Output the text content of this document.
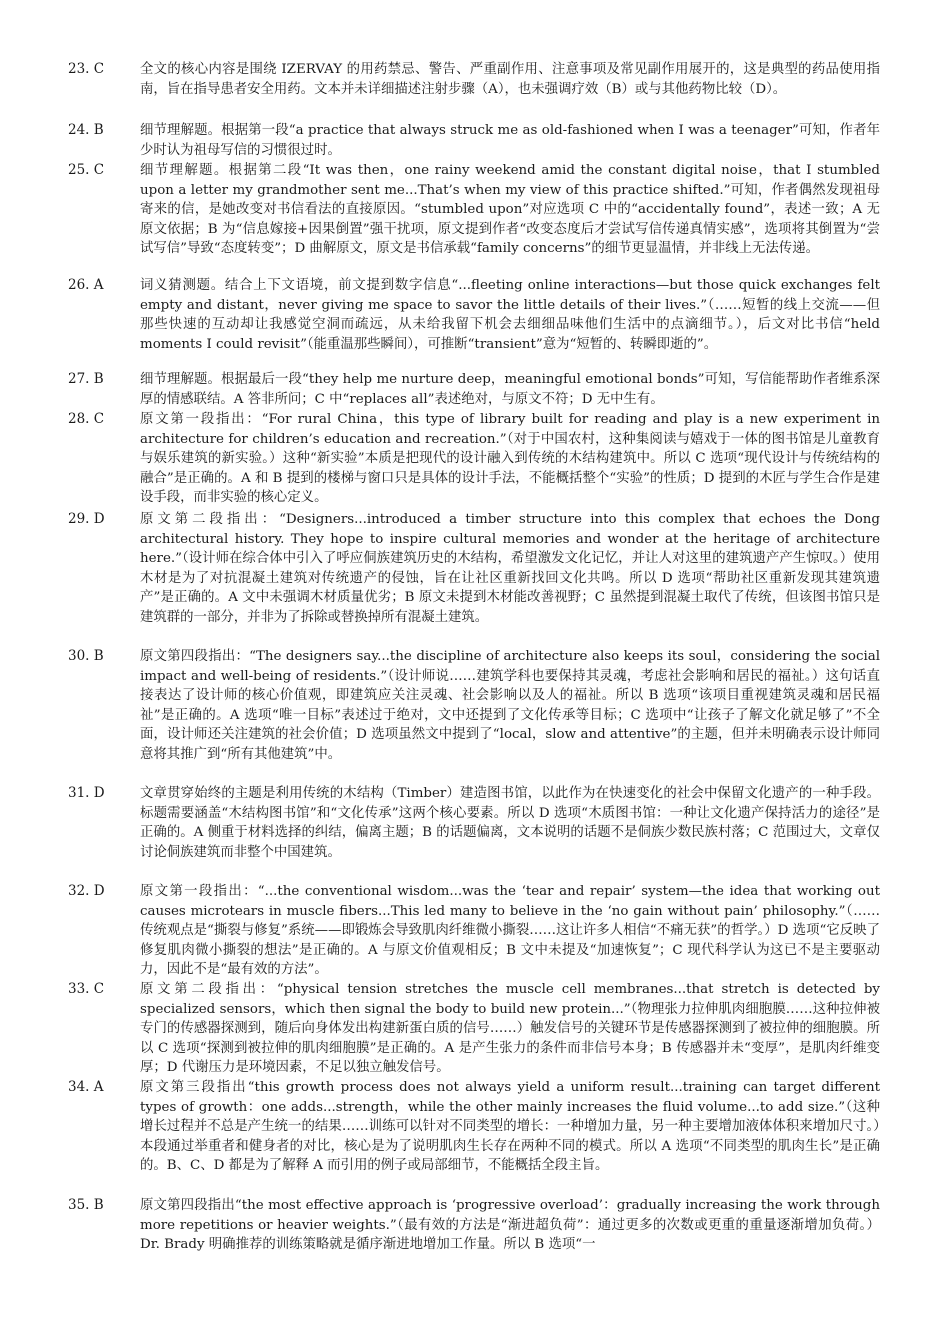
23. C	全文的核心内容是围绕 IZERVAY 的用药禁忌、警告、严重副作用、注意事项及常见副作用展开的，这是典型的药品使用指南，旨在指导患者安全用药。文本并未详细描述注射步骤（A），也未强调疗效（B）或与其他药物比较（D）。

24. B	细节理解题。根据第一段“a practice that always struck me as old-fashioned when I was a teenager”可知，作者年少时认为祖母写信的习惯很过时。

25. C	细节理解题。根据第二段“It was then，one rainy weekend amid the constant digital noise，that I stumbled upon a letter my grandmother sent me...That’s when my view of this practice shifted.”可知，作者偶然发现祖母寄来的信，是她改变对书信看法的直接原因。“stumbled upon”对应选项 C 中的“accidentally found”，表述一致；A 无原文依据；B 为“信息嫁接+因果倒置”强干扰项，原文提到作者“改变态度后才尝试写信传递真情实感”，选项将其倒置为“尝试写信”导致“态度转变”；D 曲解原文，原文是书信承载“family concerns”的细节更显温情，并非线上无法传递。

26. A	词义猜测题。结合上下文语境，前文提到数字信息“...fleeting online interactions—but those quick exchanges felt empty and distant，never giving me space to savor the little details of their lives.”（……短暂的线上交流——但那些快速的互动却让我感觉空洞而疏远，从未给我留下机会去细细品味他们生活中的点滴细节。），后文对比书信“held moments I could revisit”（能重温那些瞬间），可推断“transient”意为“短暂的、转瞬即逝的”。

27. B	细节理解题。根据最后一段“they help me nurture deep，meaningful emotional bonds”可知，写信能帮助作者维系深厚的情感联结。A 答非所问；C 中“replaces all”表述绝对，与原文不符；D 无中生有。

28. C	原文第一段指出：“For rural China，this type of library built for reading and play is a new experiment in architecture for children’s education and recreation.”（对于中国农村，这种集阅读与嬉戏于一体的图书馆是儿童教育与娱乐建筑的新实验。）这种“新实验”本质是把现代的设计融入到传统的木结构建筑中。所以 C 选项“现代设计与传统结构的融合”是正确的。A 和 B 提到的楼梯与窗口只是具体的设计手法，不能概括整个“实验”的性质；D 提到的木匠与学生合作是建设手段，而非实验的核心定义。

29. D	原文第二段指出：“Designers...introduced a timber structure into this complex that echoes the Dong architectural history. They hope to inspire cultural memories and wonder at the heritage of architecture here.”（设计师在综合体中引入了呼应侗族建筑历史的木结构，希望激发文化记忆，并让人对这里的建筑遗产产生惊叹。）使用木材是为了对抗混凝土建筑对传统遗产的侵蚀，旨在让社区重新找回文化共鸣。所以 D 选项“帮助社区重新发现其建筑遗产”是正确的。A 文中未强调木材质量优劣；B 原文未提到木材能改善视野；C 虽然提到混凝土取代了传统，但该图书馆只是建筑群的一部分，并非为了拆除或替换掉所有混凝土建筑。

30. B	原文第四段指出：“The designers say...the discipline of architecture also keeps its soul，considering the social impact and well-being of residents.”（设计师说……建筑学科也要保持其灵魂，考虑社会影响和居民的福祉。）这句话直接表达了设计师的核心价值观，即建筑应关注灵魂、社会影响以及人的福祉。所以 B 选项“该项目重视建筑灵魂和居民福祉”是正确的。A 选项“唯一目标”表述过于绝对，文中还提到了文化传承等目标；C 选项中“让孩子了解文化就足够了”不全面，设计师还关注建筑的社会价值；D 选项虽然文中提到了“local，slow and attentive”的主题，但并未明确表示设计师同意将其推广到“所有其他建筑”中。

31. D	文章贯穿始终的主题是利用传统的木结构（Timber）建造图书馆，以此作为在快速变化的社会中保留文化遗产的一种手段。标题需要涵盖“木结构图书馆”和“文化传承”这两个核心要素。所以 D 选项“木质图书馆：一种让文化遗产保持活力的途径”是正确的。A 侧重于材料选择的纠结，偏离主题；B 的话题偏离，文本说明的话题不是侗族少数民族村落；C 范围过大，文章仅讨论侗族建筑而非整个中国建筑。

32. D	原文第一段指出：“...the conventional wisdom...was the ‘tear and repair’ system—the idea that working out causes microtears in muscle fibers...This led many to believe in the ‘no gain without pain’ philosophy.”（……传统观点是“撕裂与修复”系统——即锻炼会导致肌肉纤维微小撕裂……这让许多人相信“不痛无获”的哲学。）D 选项“它反映了修复肌肉微小撕裂的想法”是正确的。A 与原文价值观相反；B 文中未提及“加速恢复”；C 现代科学认为这已不是主要驱动力，因此不是“最有效的方法”。

33. C	原文第二段指出：“physical tension stretches the muscle cell membranes...that stretch is detected by specialized sensors，which then signal the body to build new protein...”（物理张力拉伸肌肉细胞膜……这种拉伸被专门的传感器探测到，随后向身体发出构建新蛋白质的信号……）触发信号的关键环节是传感器探测到了被拉伸的细胞膜。所以 C 选项“探测到被拉伸的肌肉细胞膜”是正确的。A 是产生张力的条件而非信号本身；B 传感器并未“变厚”，是肌肉纤维变厚；D 代谢压力是环境因素，不足以独立触发信号。

34. A	原文第三段指出“this growth process does not always yield a uniform result...training can target different types of growth：one adds...strength，while the other mainly increases the fluid volume...to add size.”（这种增长过程并不总是产生统一的结果……训练可以针对不同类型的增长：一种增加力量，另一种主要增加液体体积来增加尺寸。）本段通过举重者和健身者的对比，核心是为了说明肌肉生长存在两种不同的模式。所以 A 选项“不同类型的肌肉生长”是正确的。B、C、D 都是为了解释 A 而引用的例子或局部细节，不能概括全段主旨。

35. B	原文第四段指出“the most effective approach is ‘progressive overload’：gradually increasing the work through more repetitions or heavier weights.”（最有效的方法是“渐进超负荷”：通过更多的次数或更重的重量逐渐增加负荷。）Dr. Brady 明确推荐的训练策略就是循序渐进地增加工作量。所以 B 选项“一
